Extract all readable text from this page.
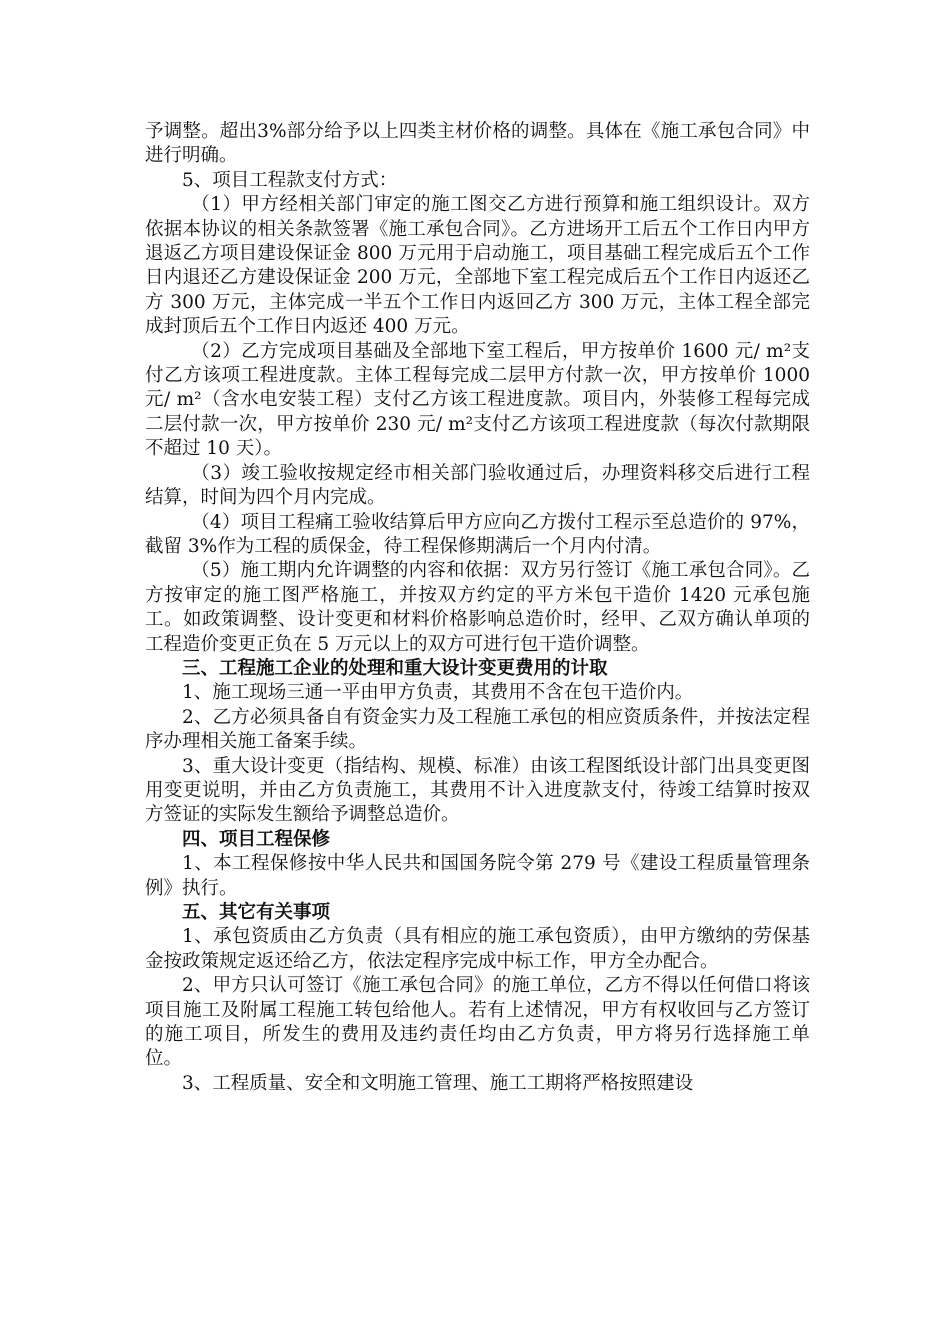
予调整。超出3%部分给予以上四类主材价格的调整。具体在《施工承包合同》中进行明确。

5、项目工程款支付方式：

（1）甲方经相关部门审定的施工图交乙方进行预算和施工组织设计。双方依据本协议的相关条款签署《施工承包合同》。乙方进场开工后五个工作日内甲方退返乙方项目建设保证金 800 万元用于启动施工，项目基础工程完成后五个工作日内退还乙方建设保证金 200 万元，全部地下室工程完成后五个工作日内返还乙方 300 万元，主体完成一半五个工作日内返回乙方 300 万元，主体工程全部完成封顶后五个工作日内返还 400 万元。

（2）乙方完成项目基础及全部地下室工程后，甲方按单价 1600 元/ m²支付乙方该项工程进度款。主体工程每完成二层甲方付款一次，甲方按单价 1000 元/ m²（含水电安装工程）支付乙方该工程进度款。项目内，外装修工程每完成二层付款一次，甲方按单价 230 元/ m²支付乙方该项工程进度款（每次付款期限不超过 10 天）。

（3）竣工验收按规定经市相关部门验收通过后，办理资料移交后进行工程结算，时间为四个月内完成。

（4）项目工程痛工验收结算后甲方应向乙方拨付工程示至总造价的 97%，截留 3%作为工程的质保金，待工程保修期满后一个月内付清。

（5）施工期内允许调整的内容和依据：双方另行签订《施工承包合同》。乙方按审定的施工图严格施工，并按双方约定的平方米包干造价 1420 元承包施工。如政策调整、设计变更和材料价格影响总造价时，经甲、乙双方确认单项的工程造价变更正负在 5 万元以上的双方可进行包干造价调整。

三、工程施工企业的处理和重大设计变更费用的计取

1、施工现场三通一平由甲方负责，其费用不含在包干造价内。

2、乙方必须具备自有资金实力及工程施工承包的相应资质条件，并按法定程序办理相关施工备案手续。

3、重大设计变更（指结构、规模、标准）由该工程图纸设计部门出具变更图用变更说明，并由乙方负责施工，其费用不计入进度款支付，待竣工结算时按双方签证的实际发生额给予调整总造价。

四、项目工程保修

1、本工程保修按中华人民共和国国务院令第 279 号《建设工程质量管理条例》执行。

五、其它有关事项

1、承包资质由乙方负责（具有相应的施工承包资质），由甲方缴纳的劳保基金按政策规定返还给乙方，依法定程序完成中标工作，甲方全办配合。

2、甲方只认可签订《施工承包合同》的施工单位，乙方不得以任何借口将该项目施工及附属工程施工转包给他人。若有上述情况，甲方有权收回与乙方签订的施工项目，所发生的费用及违约责任均由乙方负责，甲方将另行选择施工单位。

3、工程质量、安全和文明施工管理、施工工期将严格按照建设
